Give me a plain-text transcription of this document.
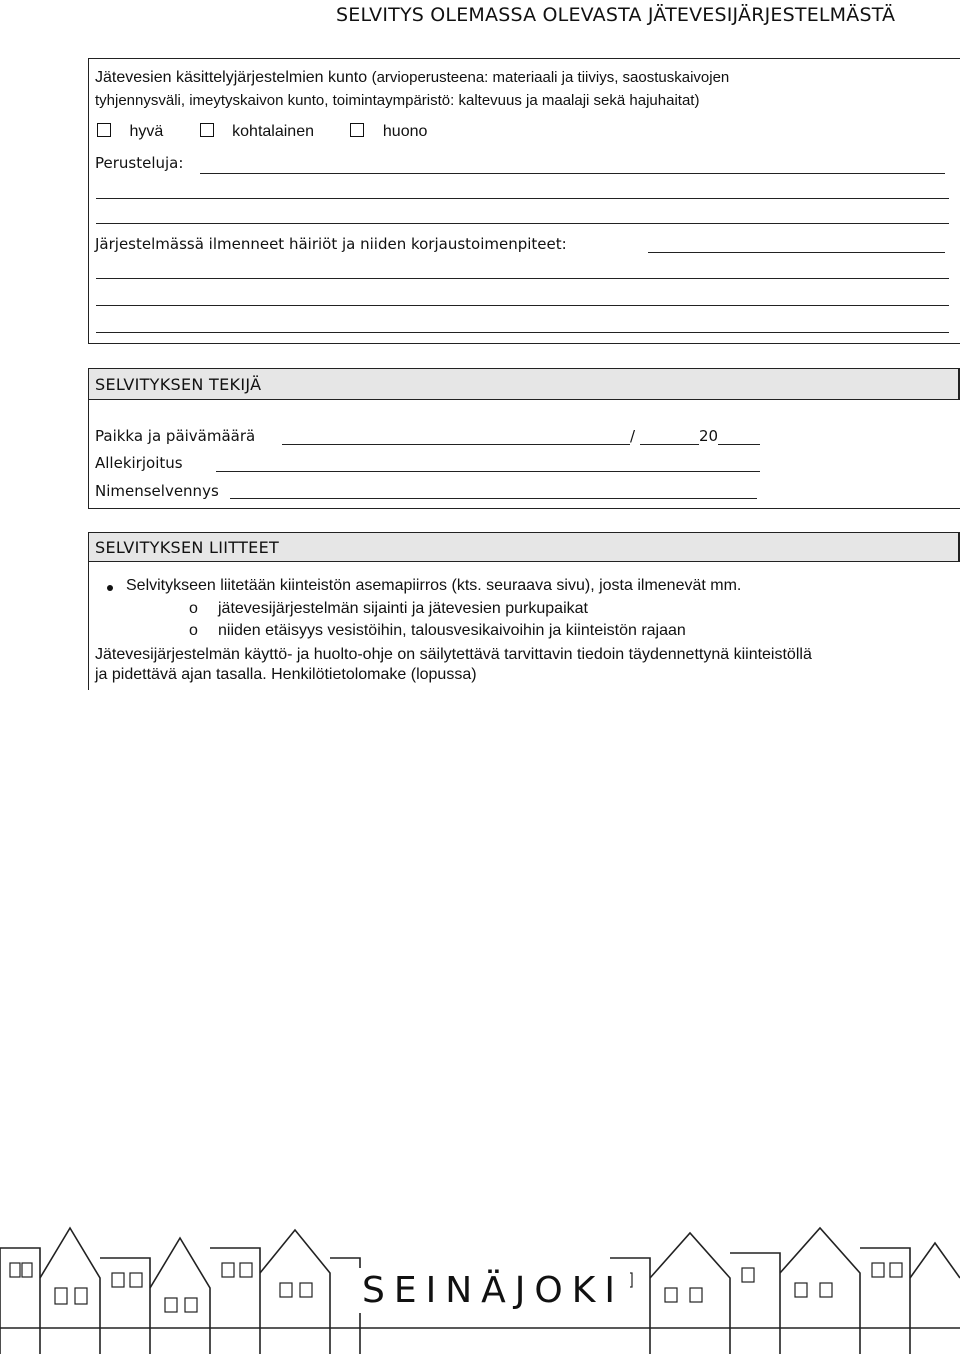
SELVITYS OLEMASSA OLEVASTA JÄTEVESIJÄRJESTELMÄSTÄ
Jätevesien käsittelyjärjestelmien kunto (arvioperusteena: materiaali ja tiiviys, saostuskaivojen
tyhjennysväli, imeytyskaivon kunto, toimintaympäristö: kaltevuus ja maalaji sekä hajuhaitat)
hyvä	kohtalainen	huono
Perusteluja:
Järjestelmässä ilmenneet häiriöt ja niiden korjaustoimenpiteet:
SELVITYKSEN TEKIJÄ
Paikka ja päivämäärä	/	20
Allekirjoitus
Nimenselvennys
SELVITYKSEN LIITTEET
Selvitykseen liitetään kiinteistön asemapiirros (kts. seuraava sivu), josta ilmenevät mm.
o jätevesijärjestelmän sijainti ja jätevesien purkupaikat
o niiden etäisyys vesistöihin, talousvesikaivoihin ja kiinteistön rajaan
Jätevesijärjestelmän käyttö- ja huolto-ohje on säilytettävä tarvittavin tiedoin täydennettynä kiinteistöllä
ja pidettävä ajan tasalla. Henkilötietolomake (lopussa)
SEINÄJOKI
